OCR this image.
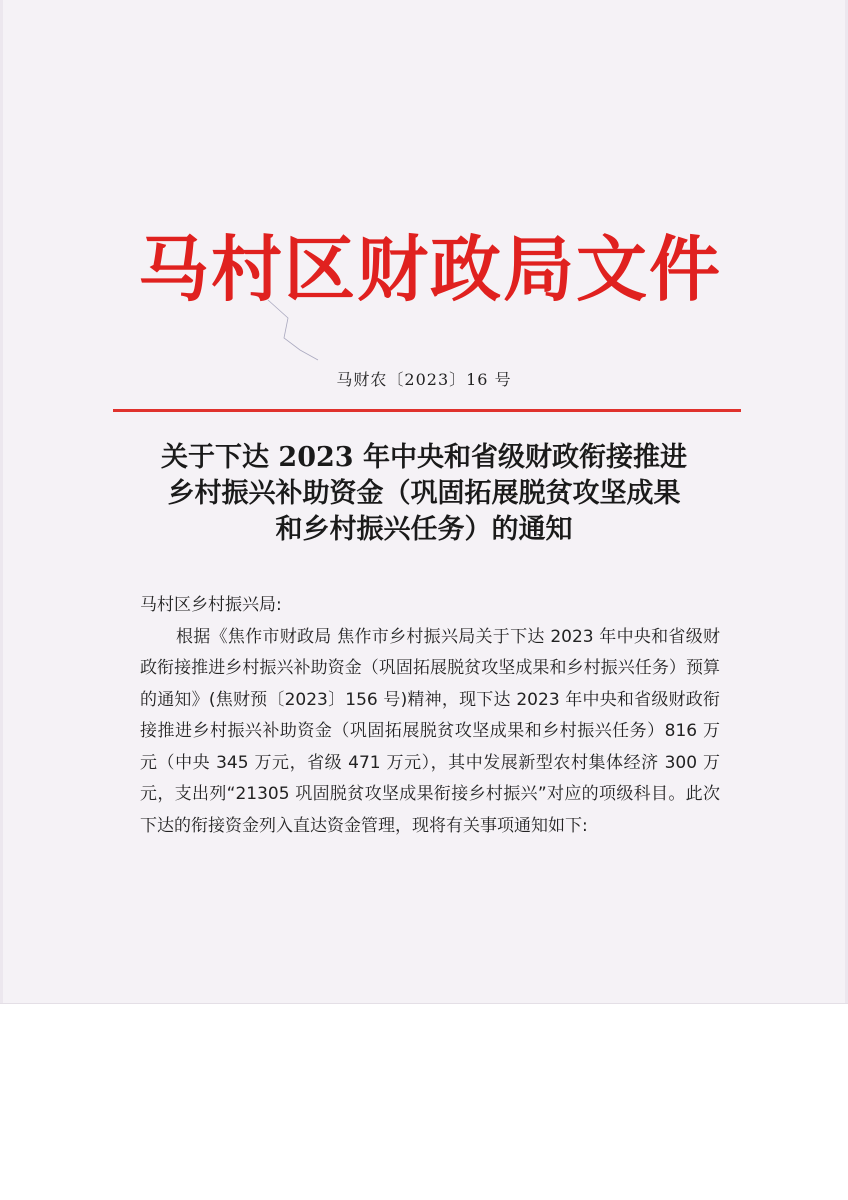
马村区财政局文件
马财农〔2023〕16 号
关于下达 2023 年中央和省级财政衔接推进
乡村振兴补助资金（巩固拓展脱贫攻坚成果
和乡村振兴任务）的通知

马村区乡村振兴局:

根据《焦作市财政局 焦作市乡村振兴局关于下达 2023 年中央和省级财政衔接推进乡村振兴补助资金（巩固拓展脱贫攻坚成果和乡村振兴任务）预算的通知》(焦财预〔2023〕156 号)精神，现下达 2023 年中央和省级财政衔接推进乡村振兴补助资金（巩固拓展脱贫攻坚成果和乡村振兴任务）816 万元（中央 345 万元，省级 471 万元），其中发展新型农村集体经济 300 万元，支出列“21305 巩固脱贫攻坚成果衔接乡村振兴”对应的项级科目。此次下达的衔接资金列入直达资金管理，现将有关事项通知如下:
